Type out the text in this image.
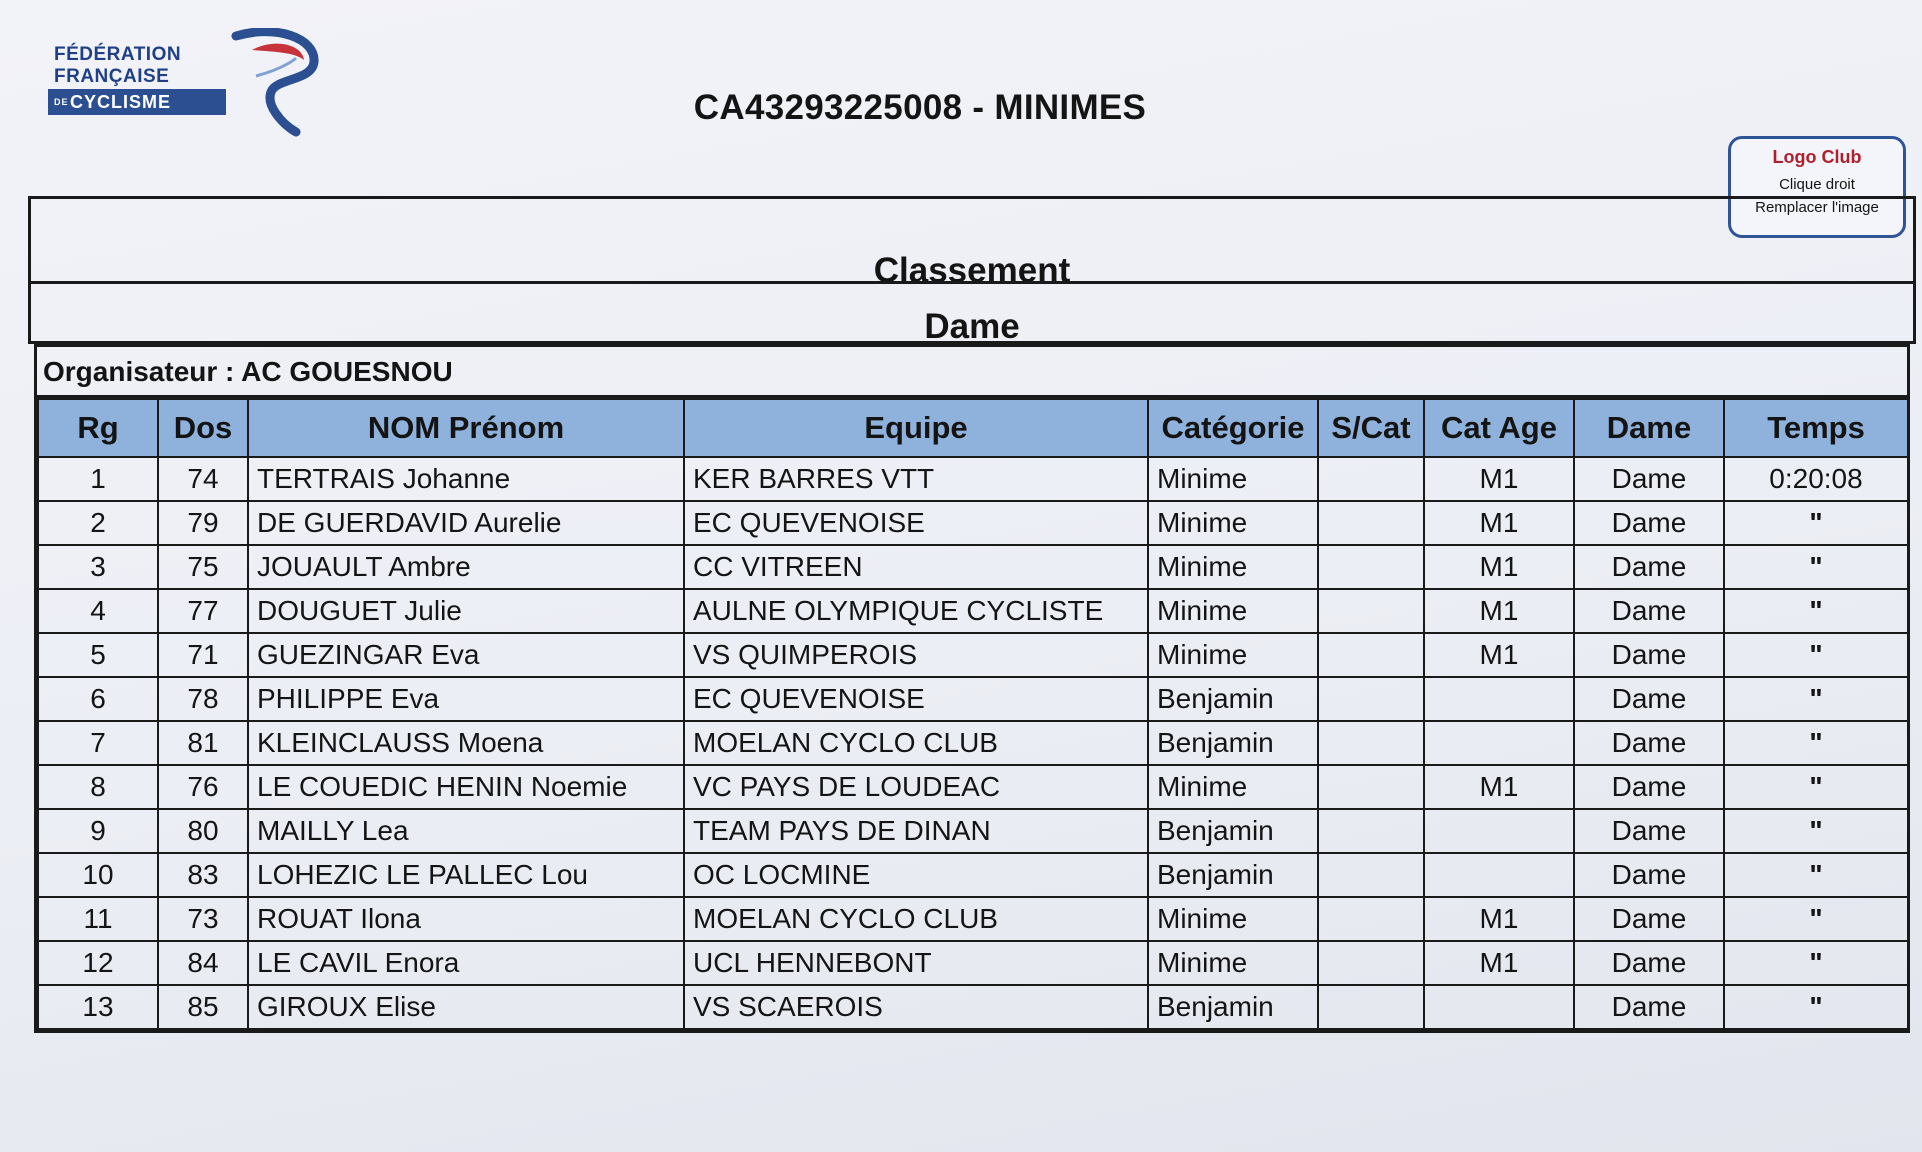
FÉDÉRATION
FRANÇAISE
DE CYCLISME	CA43293225008 - MINIMES
Logo Club
Clique droit
Remplacer l'image
Classement
Dame
Organisateur : AC GOUESNOU
Rg	Dos	NOM Prénom	Equipe	Catégorie	S/Cat	Cat Age	Dame	Temps
1	74	TERTRAIS Johanne	KER BARRES VTT	Minime		M1	Dame	0:20:08
2	79	DE GUERDAVID Aurelie	EC QUEVENOISE	Minime		M1	Dame	"
3	75	JOUAULT Ambre	CC VITREEN	Minime		M1	Dame	"
4	77	DOUGUET Julie	AULNE OLYMPIQUE CYCLISTE	Minime		M1	Dame	"
5	71	GUEZINGAR Eva	VS QUIMPEROIS	Minime		M1	Dame	"
6	78	PHILIPPE Eva	EC QUEVENOISE	Benjamin			Dame	"
7	81	KLEINCLAUSS Moena	MOELAN CYCLO CLUB	Benjamin			Dame	"
8	76	LE COUEDIC HENIN Noemie	VC PAYS DE LOUDEAC	Minime		M1	Dame	"
9	80	MAILLY Lea	TEAM PAYS DE DINAN	Benjamin			Dame	"
10	83	LOHEZIC LE PALLEC Lou	OC LOCMINE	Benjamin			Dame	"
11	73	ROUAT Ilona	MOELAN CYCLO CLUB	Minime		M1	Dame	"
12	84	LE CAVIL Enora	UCL HENNEBONT	Minime		M1	Dame	"
13	85	GIROUX Elise	VS SCAEROIS	Benjamin			Dame	"
